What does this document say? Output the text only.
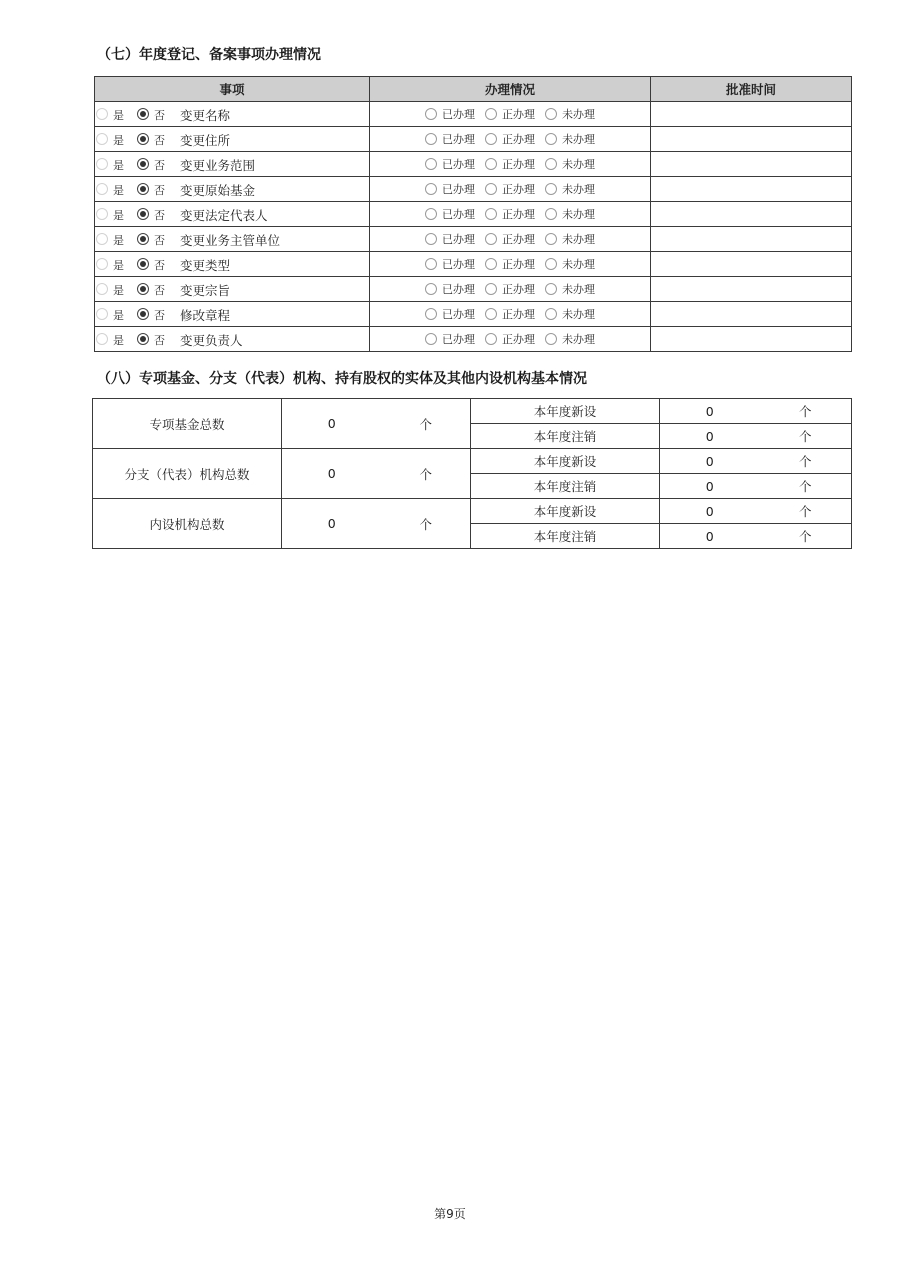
（七）年度登记、备案事项办理情况
事项	办理情况	批准时间

是 否 变更名称	已办理 正办理 未办理	

是 否 变更住所	已办理 正办理 未办理	

是 否 变更业务范围	已办理 正办理 未办理	

是 否 变更原始基金	已办理 正办理 未办理	

是 否 变更法定代表人	已办理 正办理 未办理	

是 否 变更业务主管单位	已办理 正办理 未办理	

是 否 变更类型	已办理 正办理 未办理	

是 否 变更宗旨	已办理 正办理 未办理	

是 否 修改章程	已办理 正办理 未办理	

是 否 变更负责人	已办理 正办理 未办理	
（八）专项基金、分支（代表）机构、持有股权的实体及其他内设机构基本情况
专项基金总数	0	个	本年度新设	0	个
			本年度注销	0	个
分支（代表）机构总数	0	个	本年度新设	0	个
			本年度注销	0	个
内设机构总数	0	个	本年度新设	0	个
			本年度注销	0	个
第9页
